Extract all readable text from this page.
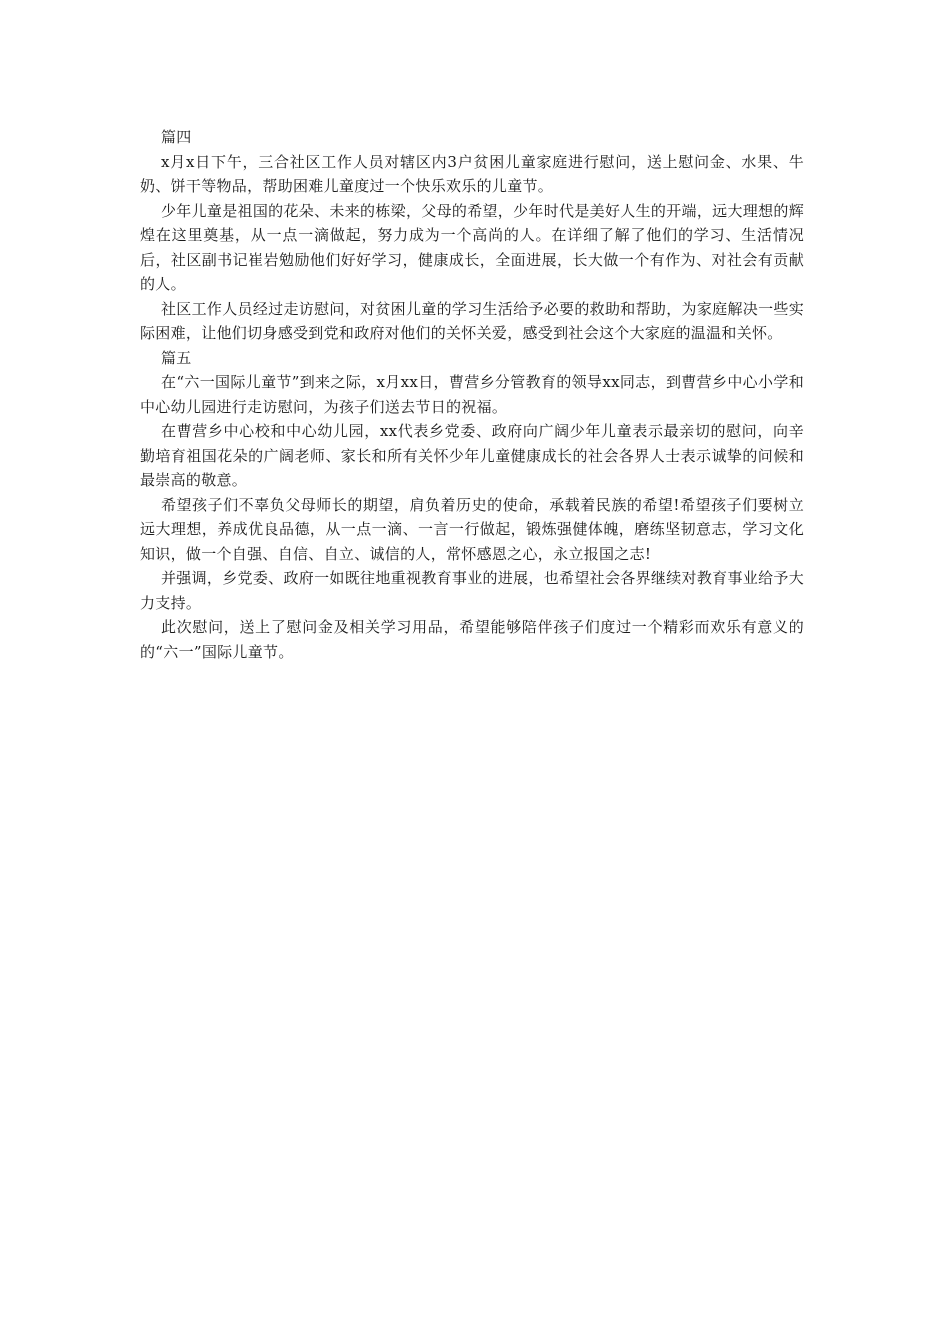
篇四

x月x日下午，三合社区工作人员对辖区内3户贫困儿童家庭进行慰问，送上慰问金、水果、牛奶、饼干等物品，帮助困难儿童度过一个快乐欢乐的儿童节。

少年儿童是祖国的花朵、未来的栋梁，父母的希望，少年时代是美好人生的开端，远大理想的辉煌在这里奠基，从一点一滴做起，努力成为一个高尚的人。在详细了解了他们的学习、生活情况后，社区副书记崔岩勉励他们好好学习，健康成长，全面进展，长大做一个有作为、对社会有贡献的人。

社区工作人员经过走访慰问，对贫困儿童的学习生活给予必要的救助和帮助，为家庭解决一些实际困难，让他们切身感受到党和政府对他们的关怀关爱，感受到社会这个大家庭的温温和关怀。

篇五

在“六一国际儿童节”到来之际，x月xx日，曹营乡分管教育的领导xx同志，到曹营乡中心小学和中心幼儿园进行走访慰问，为孩子们送去节日的祝福。

在曹营乡中心校和中心幼儿园，xx代表乡党委、政府向广阔少年儿童表示最亲切的慰问，向辛勤培育祖国花朵的广阔老师、家长和所有关怀少年儿童健康成长的社会各界人士表示诚挚的问候和最崇高的敬意。

希望孩子们不辜负父母师长的期望，肩负着历史的使命，承载着民族的希望!希望孩子们要树立远大理想，养成优良品德，从一点一滴、一言一行做起，锻炼强健体魄，磨练坚韧意志，学习文化知识，做一个自强、自信、自立、诚信的人，常怀感恩之心，永立报国之志!

并强调，乡党委、政府一如既往地重视教育事业的进展，也希望社会各界继续对教育事业给予大力支持。

此次慰问，送上了慰问金及相关学习用品，希望能够陪伴孩子们度过一个精彩而欢乐有意义的的“六一”国际儿童节。
